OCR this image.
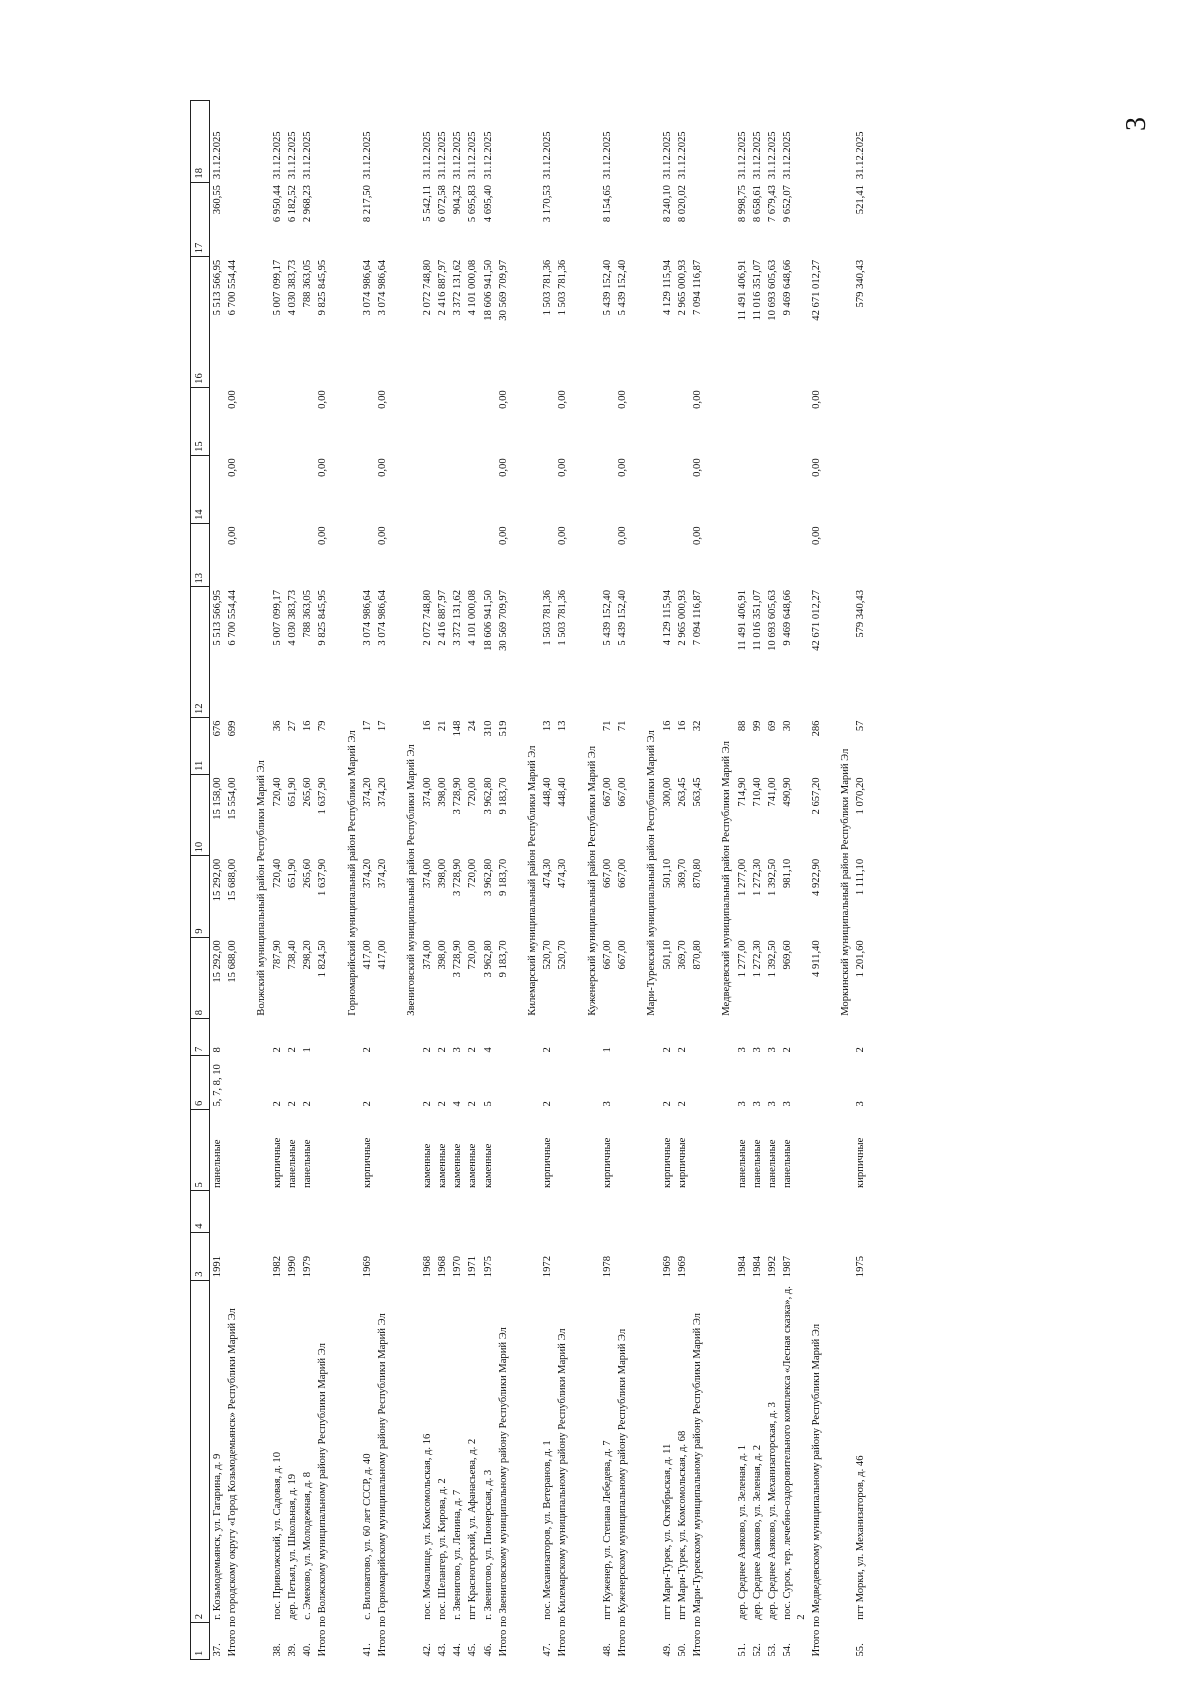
3
1	2	3	4	5	6	7	8	9	10	11	12	13	14	15	16	17	18
37.	г. Козьмодемьянск, ул. Гагарина, д. 9	1991		панельные	5, 7, 8, 10	8	15 292,00	15 292,00	15 158,00	676	5 513 566,95				5 513 566,95	360,55	31.12.2025
Итого по городскому округу «Город Козьмодемьянск» Республики Марий Эл							15 688,00	15 688,00	15 554,00	699	6 700 554,44	0,00	0,00	0,00	6 700 554,44		
							Волжский муниципальный район Республики Марий Эл										
38.	пос. Приволжский, ул. Садовая, д. 10	1982		кирпичные	2	2	787,90	720,40	720,40	36	5 007 099,17				5 007 099,17	6 950,44	31.12.2025
39.	дер. Петьял, ул. Школьная, д. 19	1990		панельные	2	2	738,40	651,90	651,90	27	4 030 383,73				4 030 383,73	6 182,52	31.12.2025
40.	с. Эмеково, ул. Молодежная, д. 8	1979		панельные	2	1	298,20	265,60	265,60	16	788 363,05				788 363,05	2 968,23	31.12.2025
Итого по Волжскому муниципальному району Республики Марий Эл							1 824,50	1 637,90	1 637,90	79	9 825 845,95	0,00	0,00	0,00	9 825 845,95		
							Горномарийский муниципальный район Республики Марий Эл										
41.	с. Виловатово, ул. 60 лет СССР, д. 40	1969		кирпичные	2	2	417,00	374,20	374,20	17	3 074 986,64				3 074 986,64	8 217,50	31.12.2025
Итого по Горномарийскому муниципальному району Республики Марий Эл							417,00	374,20	374,20	17	3 074 986,64	0,00	0,00	0,00	3 074 986,64		
							Звениговский муниципальный район Республики Марий Эл										
42.	пос. Мочалище, ул. Комсомольская, д. 16	1968		каменные	2	2	374,00	374,00	374,00	16	2 072 748,80				2 072 748,80	5 542,11	31.12.2025
43.	пос. Шелангер, ул. Кирова, д. 2	1968		каменные	2	2	398,00	398,00	398,00	21	2 416 887,97				2 416 887,97	6 072,58	31.12.2025
44.	г. Звенигово, ул. Ленина, д. 7	1970		каменные	4	3	3 728,90	3 728,90	3 728,90	148	3 372 131,62				3 372 131,62	904,32	31.12.2025
45.	пгт Красногорский, ул. Афанасьева, д. 2	1971		каменные	2	2	720,00	720,00	720,00	24	4 101 000,08				4 101 000,08	5 695,83	31.12.2025
46.	г. Звенигово, ул. Пионерская, д. 3	1975		каменные	5	4	3 962,80	3 962,80	3 962,80	310	18 606 941,50				18 606 941,50	4 695,40	31.12.2025
Итого по Звениговскому муниципальному району Республики Марий Эл							9 183,70	9 183,70	9 183,70	519	30 569 709,97	0,00	0,00	0,00	30 569 709,97		
							Килемарский муниципальный район Республики Марий Эл										
47.	пос. Механизаторов, ул. Ветеранов, д. 1	1972		кирпичные	2	2	520,70	474,30	448,40	13	1 503 781,36				1 503 781,36	3 170,53	31.12.2025
Итого по Килемарскому муниципальному району Республики Марий Эл							520,70	474,30	448,40	13	1 503 781,36	0,00	0,00	0,00	1 503 781,36		
							Куженерский муниципальный район Республики Марий Эл										
48.	пгт Куженер, ул. Степана Лебедева, д. 7	1978		кирпичные	3	1	667,00	667,00	667,00	71	5 439 152,40				5 439 152,40	8 154,65	31.12.2025
Итого по Куженерскому муниципальному району Республики Марий Эл							667,00	667,00	667,00	71	5 439 152,40	0,00	0,00	0,00	5 439 152,40		
							Мари-Турекский муниципальный район Республики Марий Эл										
49.	пгт Мари-Турек, ул. Октябрьская, д. 11	1969		кирпичные	2	2	501,10	501,10	300,00	16	4 129 115,94				4 129 115,94	8 240,10	31.12.2025
50.	пгт Мари-Турек, ул. Комсомольская, д. 68	1969		кирпичные	2	2	369,70	369,70	263,45	16	2 965 000,93				2 965 000,93	8 020,02	31.12.2025
Итого по Мари-Турекскому муниципальному району Республики Марий Эл							870,80	870,80	563,45	32	7 094 116,87	0,00	0,00	0,00	7 094 116,87		
							Медведевский муниципальный район Республики Марий Эл										
51.	дер. Среднее Азяково, ул. Зеленая, д. 1	1984		панельные	3	3	1 277,00	1 277,00	714,90	88	11 491 406,91				11 491 406,91	8 998,75	31.12.2025
52.	дер. Среднее Азяково, ул. Зеленая, д. 2	1984		панельные	3	3	1 272,30	1 272,30	710,40	99	11 016 351,07				11 016 351,07	8 658,61	31.12.2025
53.	дер. Среднее Азяково, ул. Механизаторская, д. 3	1992		панельные	3	3	1 392,50	1 392,50	741,00	69	10 693 605,63				10 693 605,63	7 679,43	31.12.2025
54.	пос. Сурок, тер. лечебно-оздоровительного комплекса «Лесная сказка», д. 2	1987		панельные	3	2	969,60	981,10	490,90	30	9 469 648,66				9 469 648,66	9 652,07	31.12.2025
Итого по Медведевскому муниципальному району Республики Марий Эл							4 911,40	4 922,90	2 657,20	286	42 671 012,27	0,00	0,00	0,00	42 671 012,27		
							Моркинский муниципальный район Республики Марий Эл										
55.	пгт Морки, ул. Механизаторов, д. 46	1975		кирпичные	3	2	1 201,60	1 111,10	1 070,20	57	579 340,43				579 340,43	521,41	31.12.2025
